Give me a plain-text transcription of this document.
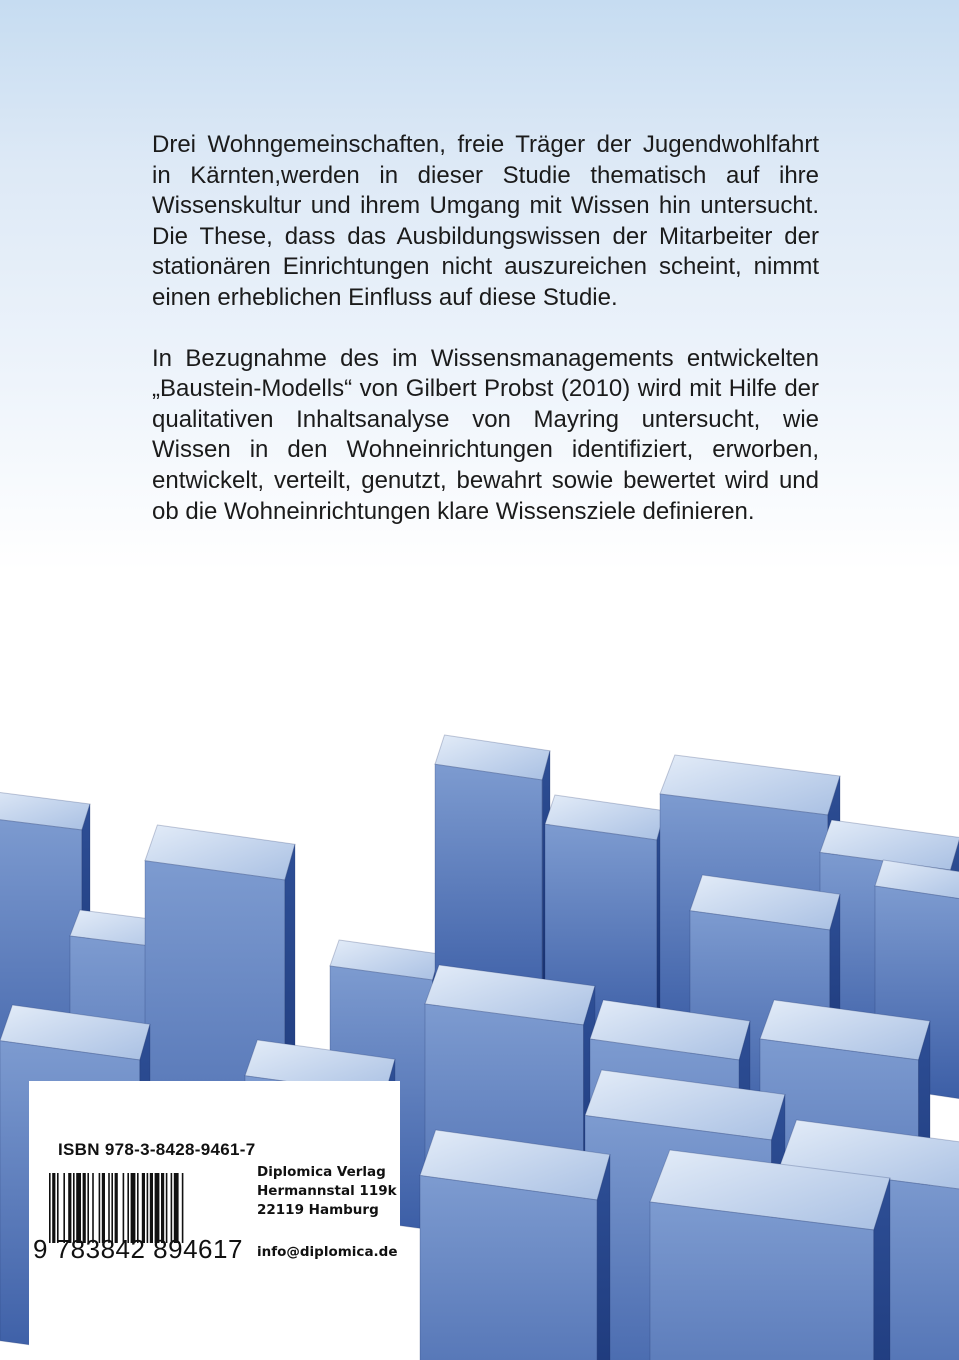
Drei Wohngemeinschaften, freie Träger der Jugendwohlfahrt in Kärnten,werden in dieser Studie thematisch auf ihre Wissenskultur und ihrem Umgang mit Wissen hin untersucht. Die These, dass das Ausbildungswissen der Mitarbeiter der stationären Einrichtungen nicht auszureichen scheint, nimmt einen erheblichen Einfluss auf diese Studie.

In Bezugnahme des im Wissensmanagements entwickelten „Baustein-Modells“ von Gilbert Probst (2010) wird mit Hilfe der qualitativen Inhaltsanalyse von Mayring untersucht, wie Wissen in den Wohneinrichtungen identifiziert, erworben, entwickelt, verteilt, genutzt, bewahrt sowie bewertet wird und ob die Wohneinrichtungen klare Wissensziele definieren.

ISBN 978-3-8428-9461-7
9 783842 894617
Diplomica Verlag
Hermannstal 119k
22119 Hamburg
info@diplomica.de
